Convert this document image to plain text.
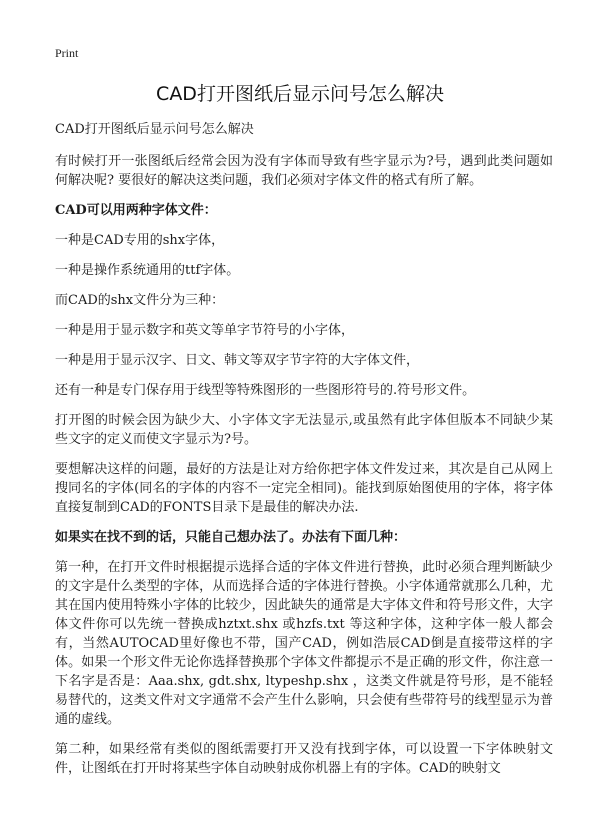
Print
CAD打开图纸后显示问号怎么解决

CAD打开图纸后显示问号怎么解决

有时候打开一张图纸后经常会因为没有字体而导致有些字显示为?号，遇到此类问题如何解决呢? 要很好的解决这类问题，我们必须对字体文件的格式有所了解。

CAD可以用两种字体文件：

一种是CAD专用的shx字体，

一种是操作系统通用的ttf字体。

而CAD的shx文件分为三种：

一种是用于显示数字和英文等单字节符号的小字体，

一种是用于显示汉字、日文、韩文等双字节字符的大字体文件，

还有一种是专门保存用于线型等特殊图形的一些图形符号的.符号形文件。

打开图的时候会因为缺少大、小字体文字无法显示,或虽然有此字体但版本不同缺少某些文字的定义而使文字显示为?号。

要想解决这样的问题，最好的方法是让对方给你把字体文件发过来，其次是自己从网上搜同名的字体(同名的字体的内容不一定完全相同)。能找到原始图使用的字体，将字体直接复制到CAD的FONTS目录下是最佳的解决办法.

如果实在找不到的话，只能自己想办法了。办法有下面几种：

第一种，在打开文件时根据提示选择合适的字体文件进行替换，此时必须合理判断缺少的文字是什么类型的字体，从而选择合适的字体进行替换。小字体通常就那么几种，尤其在国内使用特殊小字体的比较少，因此缺失的通常是大字体文件和符号形文件，大字体文件你可以先统一替换成hztxt.shx 或hzfs.txt 等这种字体，这种字体一般人都会有，当然AUTOCAD里好像也不带，国产CAD，例如浩辰CAD倒是直接带这样的字体。如果一个形文件无论你选择替换那个字体文件都提示不是正确的形文件，你注意一下名字是否是：Aaa.shx, gdt.shx, ltypeshp.shx ，这类文件就是符号形，是不能轻易替代的，这类文件对文字通常不会产生什么影响，只会使有些带符号的线型显示为普通的虚线。

第二种，如果经常有类似的图纸需要打开又没有找到字体，可以设置一下字体映射文件，让图纸在打开时将某些字体自动映射成你机器上有的字体。CAD的映射文
